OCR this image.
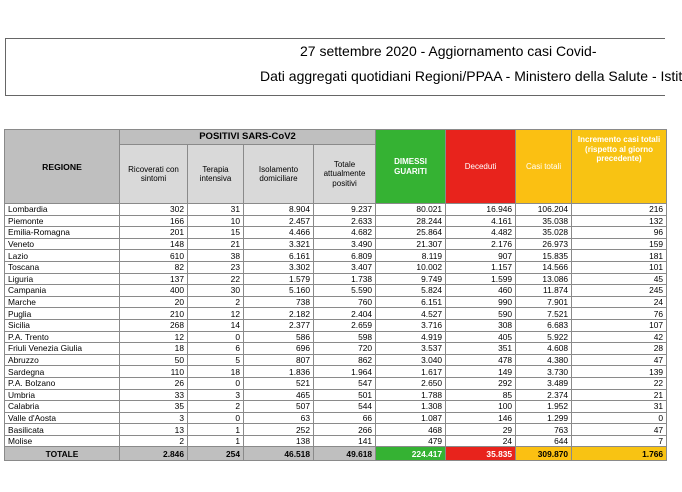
27 settembre 2020 - Aggiornamento casi Covid-
Dati aggregati quotidiani Regioni/PPAA - Ministero della Salute - Istit
REGIONE	POSITIVI SARS-CoV2				DIMESSI GUARITI	Deceduti	Casi totali	Incremento casi totali (rispetto al giorno precedente)
	Ricoverati con sintomi	Terapia intensiva	Isolamento domiciliare	Totale attualmente positivi				
Lombardia	302	31	8.904	9.237	80.021	16.946	106.204	216
Piemonte	166	10	2.457	2.633	28.244	4.161	35.038	132
Emilia-Romagna	201	15	4.466	4.682	25.864	4.482	35.028	96
Veneto	148	21	3.321	3.490	21.307	2.176	26.973	159
Lazio	610	38	6.161	6.809	8.119	907	15.835	181
Toscana	82	23	3.302	3.407	10.002	1.157	14.566	101
Liguria	137	22	1.579	1.738	9.749	1.599	13.086	45
Campania	400	30	5.160	5.590	5.824	460	11.874	245
Marche	20	2	738	760	6.151	990	7.901	24
Puglia	210	12	2.182	2.404	4.527	590	7.521	76
Sicilia	268	14	2.377	2.659	3.716	308	6.683	107
P.A. Trento	12	0	586	598	4.919	405	5.922	42
Friuli Venezia Giulia	18	6	696	720	3.537	351	4.608	28
Abruzzo	50	5	807	862	3.040	478	4.380	47
Sardegna	110	18	1.836	1.964	1.617	149	3.730	139
P.A. Bolzano	26	0	521	547	2.650	292	3.489	22
Umbria	33	3	465	501	1.788	85	2.374	21
Calabria	35	2	507	544	1.308	100	1.952	31
Valle d'Aosta	3	0	63	66	1.087	146	1.299	0
Basilicata	13	1	252	266	468	29	763	47
Molise	2	1	138	141	479	24	644	7
TOTALE	2.846	254	46.518	49.618	224.417	35.835	309.870	1.766
